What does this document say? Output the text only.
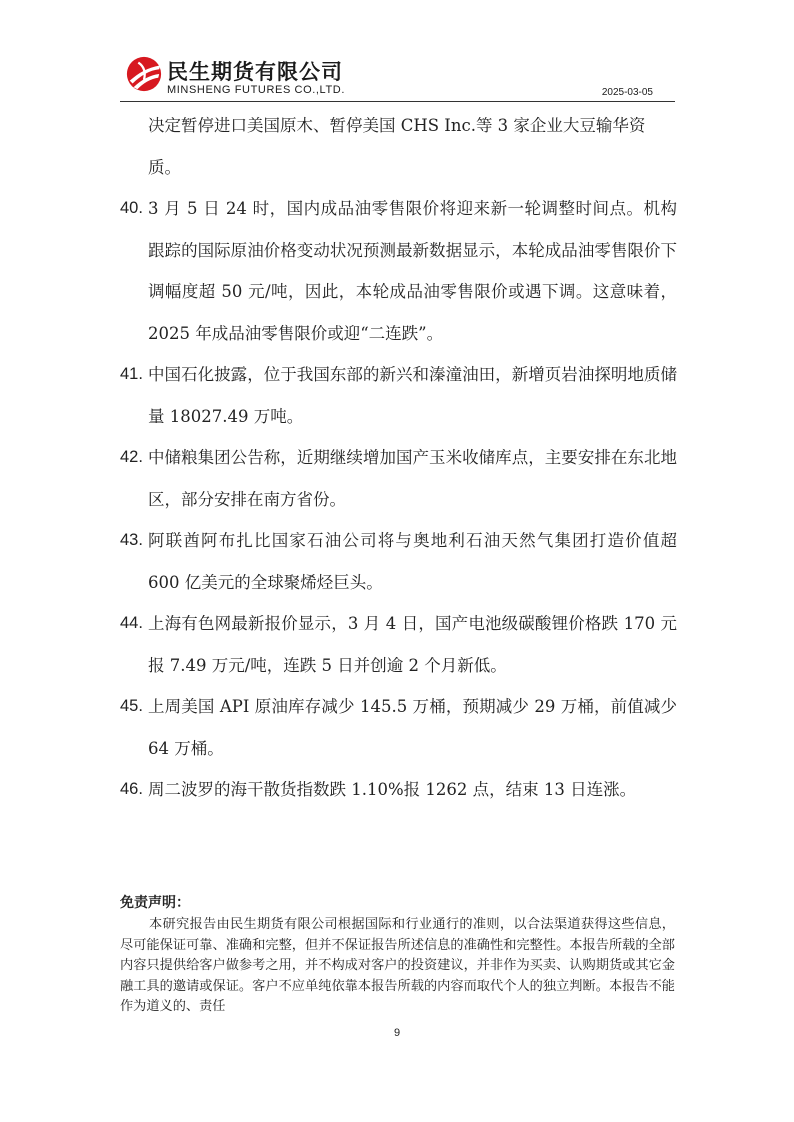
民生期货有限公司
MINSHENG FUTURES CO.,LTD.	2025-03-05

决定暂停进口美国原木、暂停美国 CHS Inc.等 3 家企业大豆输华资质。

40. 3 月 5 日 24 时，国内成品油零售限价将迎来新一轮调整时间点。机构跟踪的国际原油价格变动状况预测最新数据显示，本轮成品油零售限价下调幅度超 50 元/吨，因此，本轮成品油零售限价或遇下调。这意味着，2025 年成品油零售限价或迎“二连跌”。
41. 中国石化披露，位于我国东部的新兴和溱潼油田，新增页岩油探明地质储量 18027.49 万吨。
42. 中储粮集团公告称，近期继续增加国产玉米收储库点，主要安排在东北地区，部分安排在南方省份。
43. 阿联酋阿布扎比国家石油公司将与奥地利石油天然气集团打造价值超 600 亿美元的全球聚烯烃巨头。
44. 上海有色网最新报价显示，3 月 4 日，国产电池级碳酸锂价格跌 170 元报 7.49 万元/吨，连跌 5 日并创逾 2 个月新低。
45. 上周美国 API 原油库存减少 145.5 万桶，预期减少 29 万桶，前值减少 64 万桶。
46. 周二波罗的海干散货指数跌 1.10%报 1262 点，结束 13 日连涨。

免责声明：

本研究报告由民生期货有限公司根据国际和行业通行的准则，以合法渠道获得这些信息，尽可能保证可靠、准确和完整，但并不保证报告所述信息的准确性和完整性。本报告所载的全部内容只提供给客户做参考之用，并不构成对客户的投资建议，并非作为买卖、认购期货或其它金融工具的邀请或保证。客户不应单纯依靠本报告所载的内容而取代个人的独立判断。本报告不能作为道义的、责任

9
